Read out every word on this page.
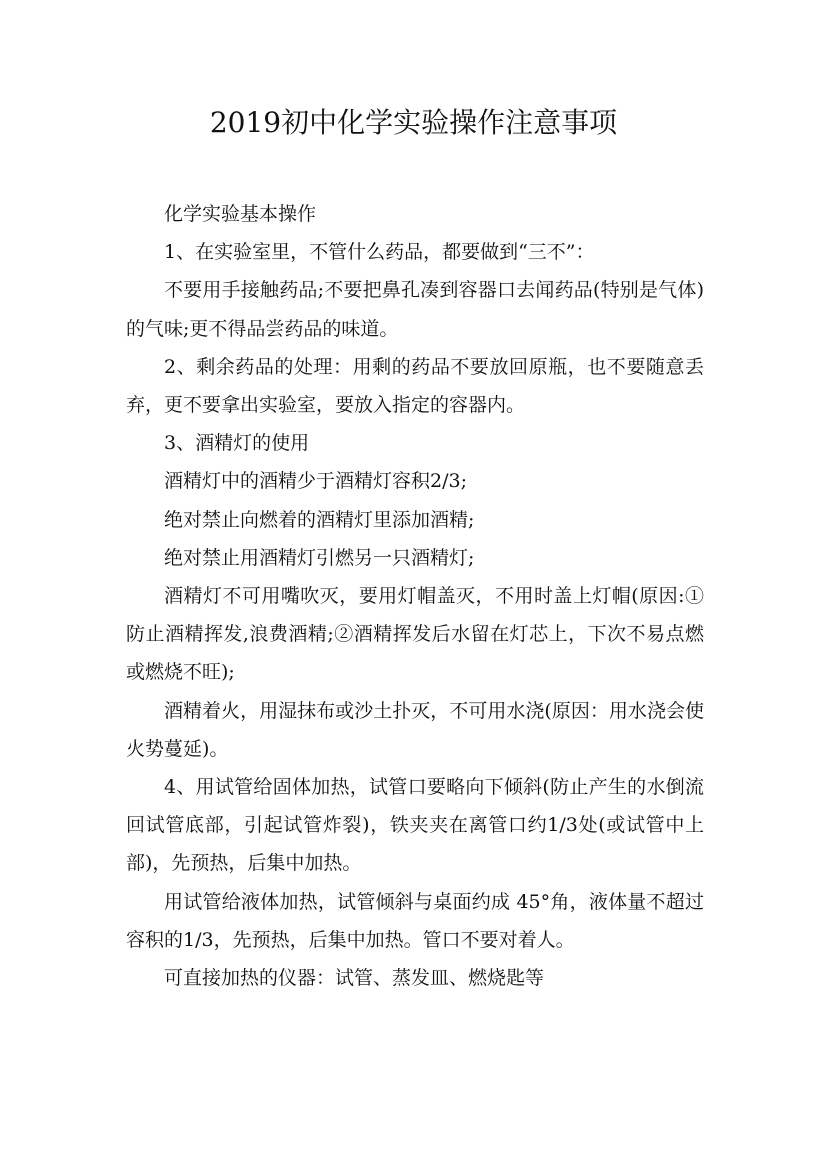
2019初中化学实验操作注意事项

化学实验基本操作

1、在实验室里，不管什么药品，都要做到“三不”：

不要用手接触药品;不要把鼻孔凑到容器口去闻药品(特别是气体)的气味;更不得品尝药品的味道。

2、剩余药品的处理：用剩的药品不要放回原瓶，也不要随意丢弃，更不要拿出实验室，要放入指定的容器内。

3、酒精灯的使用

酒精灯中的酒精少于酒精灯容积2/3;

绝对禁止向燃着的酒精灯里添加酒精;

绝对禁止用酒精灯引燃另一只酒精灯;

酒精灯不可用嘴吹灭，要用灯帽盖灭，不用时盖上灯帽(原因:①防止酒精挥发,浪费酒精;②酒精挥发后水留在灯芯上，下次不易点燃或燃烧不旺);

酒精着火，用湿抹布或沙土扑灭，不可用水浇(原因：用水浇会使火势蔓延)。

4、用试管给固体加热，试管口要略向下倾斜(防止产生的水倒流回试管底部，引起试管炸裂)，铁夹夹在离管口约1/3处(或试管中上部)，先预热，后集中加热。

用试管给液体加热，试管倾斜与桌面约成 45°角，液体量不超过容积的1/3，先预热，后集中加热。管口不要对着人。

可直接加热的仪器：试管、蒸发皿、燃烧匙等
